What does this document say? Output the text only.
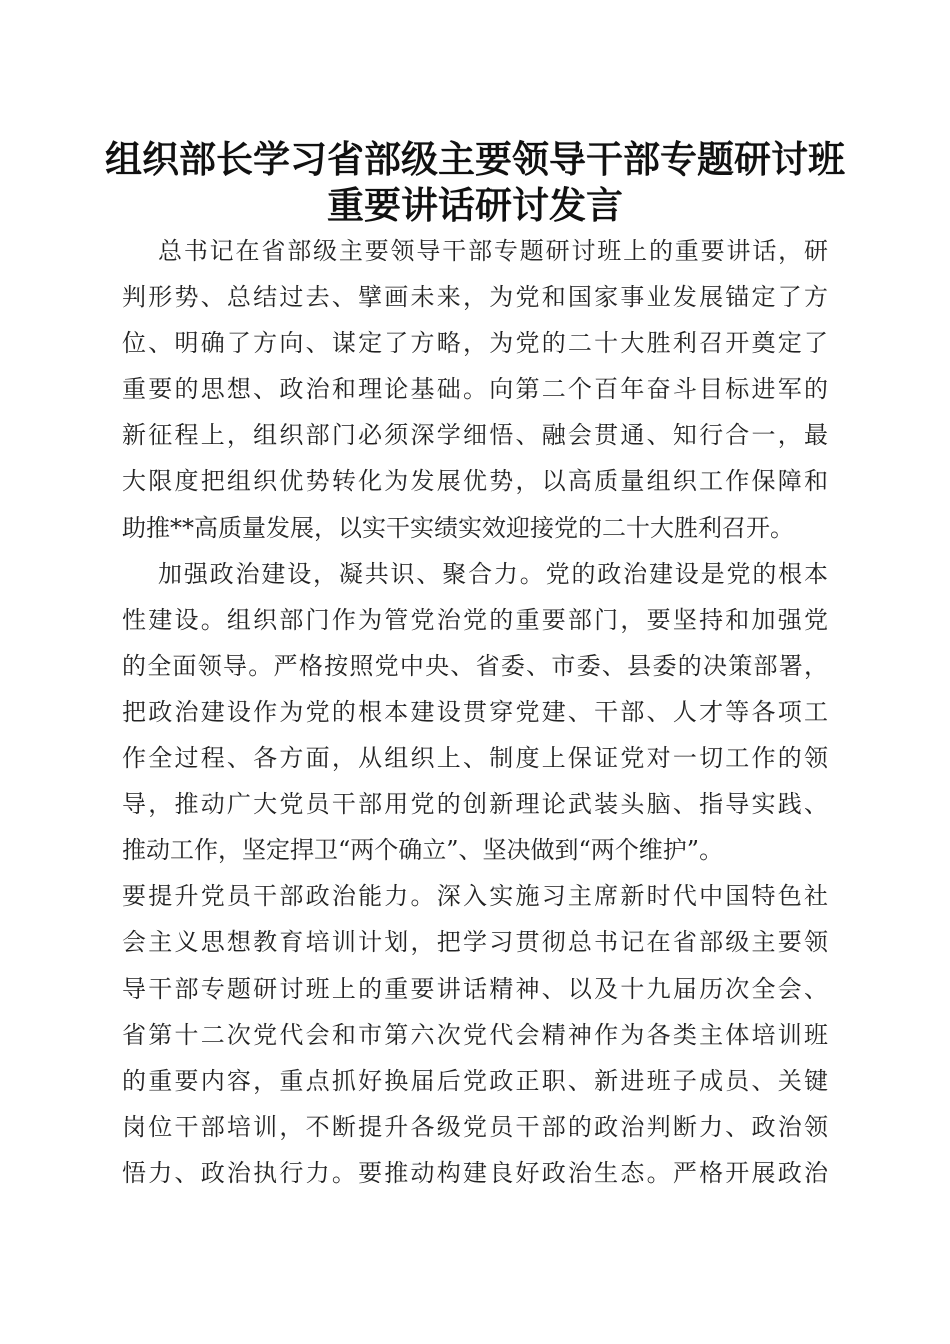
组织部长学习省部级主要领导干部专题研讨班
重要讲话研讨发言
总书记在省部级主要领导干部专题研讨班上的重要讲话，研
判形势、总结过去、擘画未来，为党和国家事业发展锚定了方
位、明确了方向、谋定了方略，为党的二十大胜利召开奠定了
重要的思想、政治和理论基础。向第二个百年奋斗目标进军的
新征程上，组织部门必须深学细悟、融会贯通、知行合一，最
大限度把组织优势转化为发展优势，以高质量组织工作保障和
助推**高质量发展，以实干实绩实效迎接党的二十大胜利召开。
加强政治建设，凝共识、聚合力。党的政治建设是党的根本
性建设。组织部门作为管党治党的重要部门，要坚持和加强党
的全面领导。严格按照党中央、省委、市委、县委的决策部署，
把政治建设作为党的根本建设贯穿党建、干部、人才等各项工
作全过程、各方面，从组织上、制度上保证党对一切工作的领
导，推动广大党员干部用党的创新理论武装头脑、指导实践、
推动工作，坚定捍卫“两个确立”、坚决做到“两个维护”。
要提升党员干部政治能力。深入实施习主席新时代中国特色社
会主义思想教育培训计划，把学习贯彻总书记在省部级主要领
导干部专题研讨班上的重要讲话精神、以及十九届历次全会、
省第十二次党代会和市第六次党代会精神作为各类主体培训班
的重要内容，重点抓好换届后党政正职、新进班子成员、关键
岗位干部培训，不断提升各级党员干部的政治判断力、政治领
悟力、政治执行力。要推动构建良好政治生态。严格开展政治
